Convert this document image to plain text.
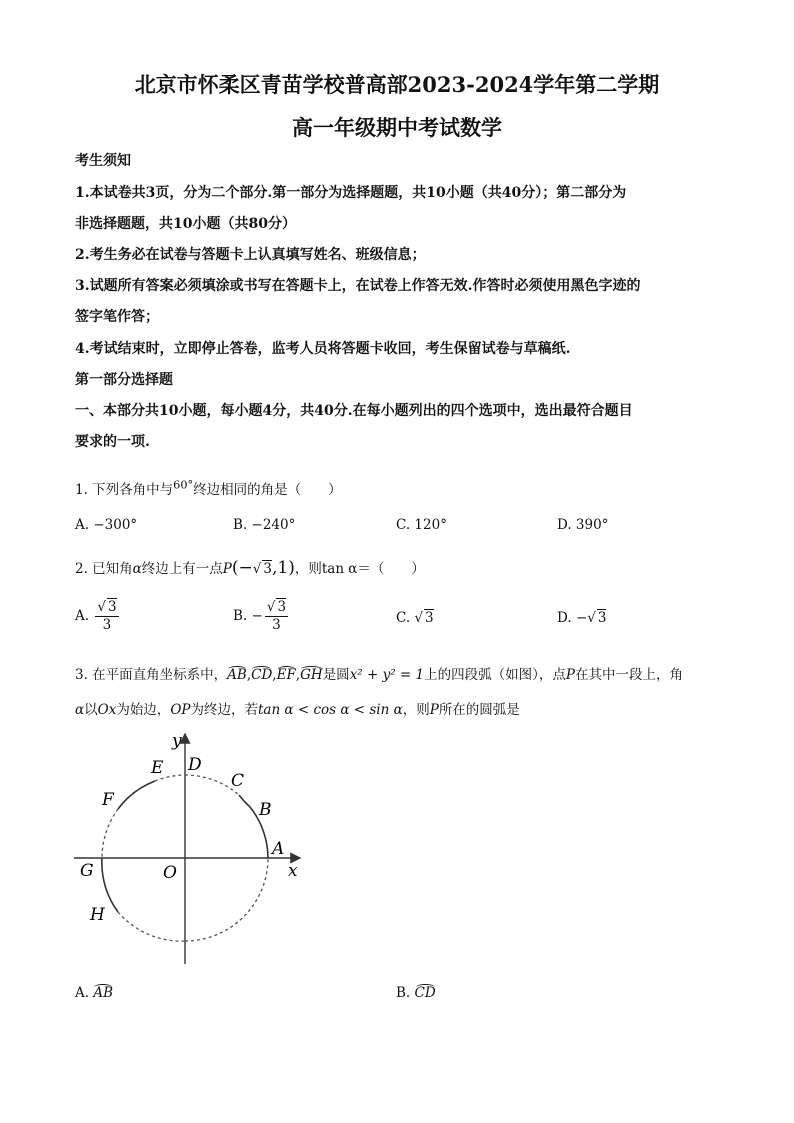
北京市怀柔区青苗学校普高部2023-2024学年第二学期
高一年级期中考试数学
考生须知
1.本试卷共3页，分为二个部分.第一部分为选择题题，共10小题（共40分）；第二部分为
非选择题题，共10小题（共80分）
2.考生务必在试卷与答题卡上认真填写姓名、班级信息；
3.试题所有答案必须填涂或书写在答题卡上，在试卷上作答无效.作答时必须使用黑色字迹的
签字笔作答；
4.考试结束时，立即停止答卷，监考人员将答题卡收回，考生保留试卷与草稿纸.
第一部分选择题
一、本部分共10小题，每小题4分，共40分.在每小题列出的四个选项中，选出最符合题目
要求的一项.
1. 下列各角中与$^{60^\circ}$终边相同的角是（　　）
A. −300°	B. −240°	C. 120°	D. 390°
2. 已知角α终边上有一点P(−√ 3,1)，则tan α＝（　　）
A. $\frac{√ 3}{3}$	B. − $\frac{√ 3}{3}$	C. √ 3	D. −√ 3
3. 在平面直角坐标系中，AB,CD,EF,GH是圆x² + y² = 1上的四段弧（如图），点P在其中一段上，角
α以Ox为始边，OP为终边，若tan α < cos α < sin α，则P所在的圆弧是
y
x
O
A
B
C
D
E
F
G
H
A. AB	B. CD
